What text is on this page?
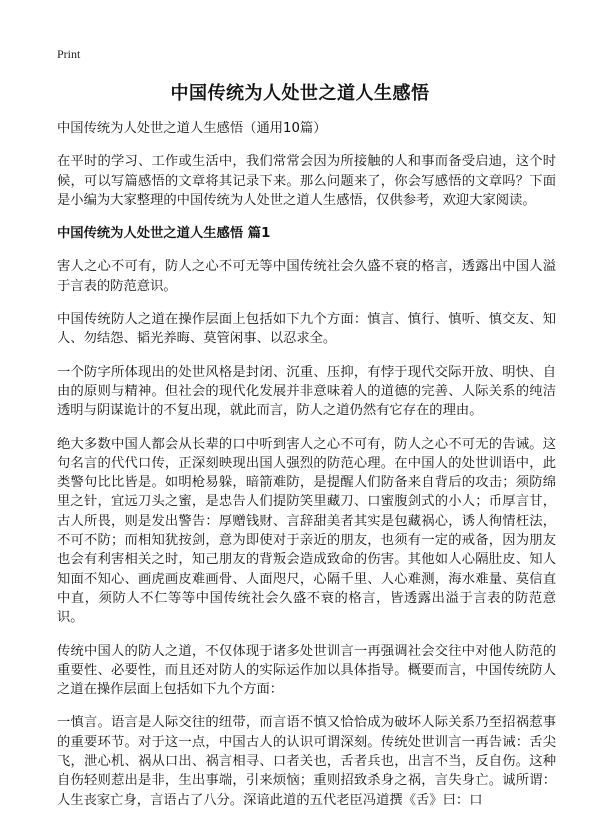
Print
中国传统为人处世之道人生感悟

中国传统为人处世之道人生感悟（通用10篇）

在平时的学习、工作或生活中，我们常常会因为所接触的人和事而备受启迪，这个时候，可以写篇感悟的文章将其记录下来。那么问题来了，你会写感悟的文章吗？下面是小编为大家整理的中国传统为人处世之道人生感悟，仅供参考，欢迎大家阅读。

中国传统为人处世之道人生感悟 篇1

害人之心不可有，防人之心不可无等中国传统社会久盛不衰的格言，透露出中国人溢于言表的防范意识。

中国传统防人之道在操作层面上包括如下九个方面：慎言、慎行、慎听、慎交友、知人、勿结怨、韬光养晦、莫管闲事、以忍求全。

一个防字所体现出的处世风格是封闭、沉重、压抑，有悖于现代交际开放、明快、自由的原则与精神。但社会的现代化发展并非意味着人的道德的完善、人际关系的纯洁透明与阴谋诡计的不复出现，就此而言，防人之道仍然有它存在的理由。

绝大多数中国人都会从长辈的口中听到害人之心不可有，防人之心不可无的告诫。这句名言的代代口传，正深刻映现出国人强烈的防范心理。在中国人的处世训语中，此类警句比比皆是。如明枪易躲，暗箭难防，是提醒人们防备来自背后的攻击；须防绵里之针，宜远刀头之蜜，是忠告人们提防笑里藏刀、口蜜腹剑式的小人；币厚言甘，古人所畏，则是发出警告：厚赠钱财、言辞甜美者其实是包藏祸心，诱人徇情枉法，不可不防；而相知犹按剑，意为即使对于亲近的朋友，也须有一定的戒备，因为朋友也会有利害相关之时，知己朋友的背叛会造成致命的伤害。其他如人心隔肚皮、知人知面不知心、画虎画皮难画骨、人面咫尺，心隔千里、人心难测，海水难量、莫信直中直，须防人不仁等等中国传统社会久盛不衰的格言，皆透露出溢于言表的防范意识。

传统中国人的防人之道，不仅体现于诸多处世训言一再强调社会交往中对他人防范的重要性、必要性，而且还对防人的实际运作加以具体指导。概要而言，中国传统防人之道在操作层面上包括如下九个方面：

一慎言。语言是人际交往的纽带，而言语不慎又恰恰成为破坏人际关系乃至招祸惹事的重要环节。对于这一点，中国古人的认识可谓深刻。传统处世训言一再告诫：舌尖飞，泄心机、祸从口出、祸言相寻、口者关也，舌者兵也，出言不当，反自伤。这种自伤轻则惹出是非，生出事端，引来烦恼；重则招致杀身之祸，言失身亡。诚所谓：人生丧家亡身，言语占了八分。深谙此道的五代老臣冯道撰《舌》曰：口
